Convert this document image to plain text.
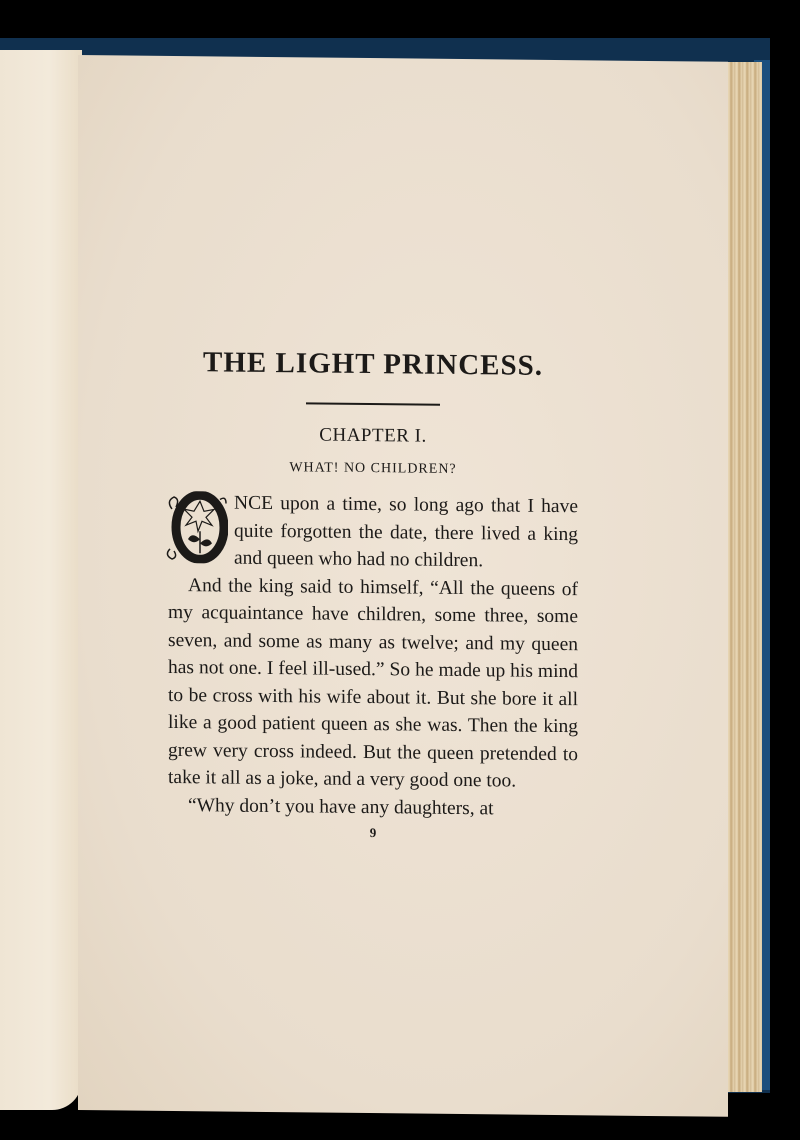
THE LIGHT PRINCESS.
CHAPTER I.
WHAT! NO CHILDREN?

NCE upon a time, so long ago that I have quite forgotten the date, there lived a king and queen who had no children.

And the king said to himself, “All the queens of my acquaintance have children, some three, some seven, and some as many as twelve; and my queen has not one. I feel ill-used.” So he made up his mind to be cross with his wife about it. But she bore it all like a good patient queen as she was. Then the king grew very cross indeed. But the queen pretended to take it all as a joke, and a very good one too.

“Why don’t you have any daughters, at

9
